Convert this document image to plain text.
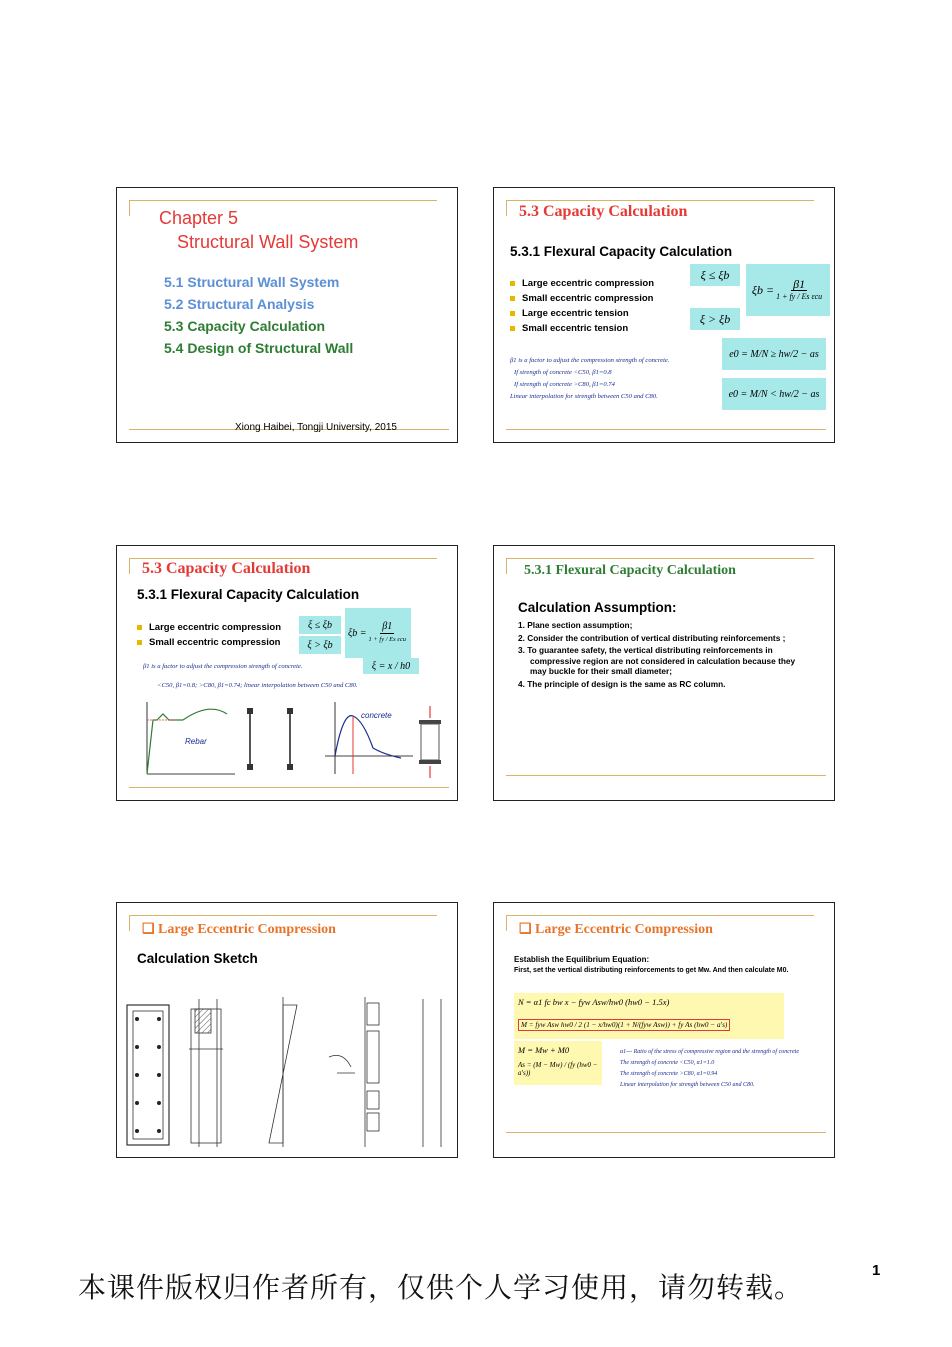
Chapter 5
Structural Wall System
5.1 Structural Wall System
5.2 Structural Analysis
5.3 Capacity Calculation
5.4 Design of Structural Wall
Xiong Haibei, Tongji University, 2015
5.3 Capacity Calculation
5.3.1 Flexural Capacity Calculation
Large eccentric compression
Small eccentric compression
Large eccentric tension
Small eccentric tension
ξ ≤ ξb
ξ > ξb
$\xi b = \frac{\beta 1}{\text{1 + fy / Es εcu}}$
e0 = M/N ≥ hw/2 − as
e0 = M/N < hw/2 − as
β1 is a factor to adjust the compression strength of concrete.
If strength of concrete <C50, β1=0.8
If strength of concrete >C80, β1=0.74
Linear interpolation for strength between C50 and C80.
5.3 Capacity Calculation
5.3.1 Flexural Capacity Calculation
Large eccentric compression
Small eccentric compression
ξ ≤ ξb
ξ > ξb
$\xi b = \frac{\beta 1}{\text{1 + fy / Es εcu}}$
ξ = x / h0
β1 is a factor to adjust the compression strength of concrete.
<C50, β1=0.8; >C80, β1=0.74; linear interpolation between C50 and C80.
Rebar
concrete
5.3.1 Flexural Capacity Calculation
Calculation Assumption:
1. Plane section assumption;
2. Consider the contribution of vertical distributing reinforcements ;
3. To guarantee safety, the vertical distributing reinforcements in compressive region are not considered in calculation because they may buckle for their small diameter;
4. The principle of design is the same as RC column.
❑ Large Eccentric Compression
Calculation Sketch
❑ Large Eccentric Compression
Establish the Equilibrium Equation:
First, set the vertical distributing reinforcements to get Mw. And then calculate M0.
N = α1 fc bw x − fyw Asw/hw0 (hw0 − 1.5x)
M = fyw Asw hw0 / 2 (1 − x/hw0)(1 + N/(fyw Asw)) + fy As (hw0 − a's)
M = Mw + M0
As = (M − Mw) / (fy (hw0 − a's))
α1--- Ratio of the stress of compressive region and the strength of concrete
The strength of concrete <C50, α1=1.0
The strength of concrete >C80, α1=0.94
Linear interpolation for strength between C50 and C80.
本课件版权归作者所有，仅供个人学习使用，请勿转载。
1
